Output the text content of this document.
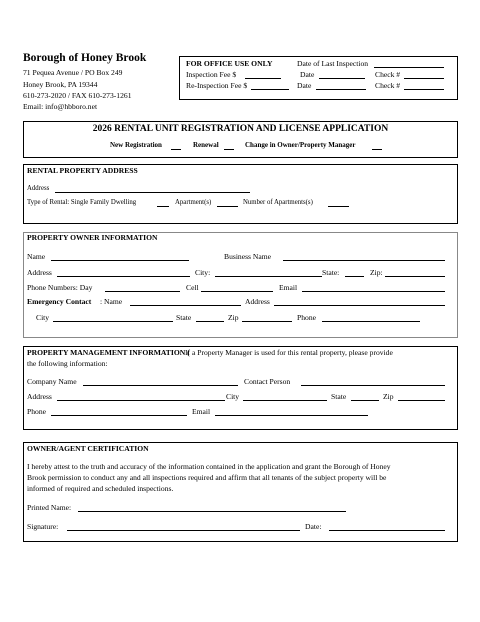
Borough of Honey Brook
71 Pequea Avenue / PO Box 249
Honey Brook, PA 19344
610-273-2020 / FAX 610-273-1261
Email: info@hbboro.net
FOR OFFICE USE ONLY	Date of Last Inspection
Inspection Fee $	Date	Check #
Re-Inspection Fee $	Date	Check #
2026 RENTAL UNIT REGISTRATION AND LICENSE APPLICATION
New Registration	Renewal	Change in Owner/Property Manager
RENTAL PROPERTY ADDRESS
Address
Type of Rental: Single Family Dwelling	Apartment(s)	Number of Apartments(s)
PROPERTY OWNER INFORMATION
Name	Business Name
Address	City:	State:	Zip:
Phone Numbers: Day	Cell	Email
Emergency Contact : Name	Address
City	State	Zip	Phone
PROPERTY MANAGEMENT INFORMATION (
If a Property Manager is used for this rental property, please provide
the following information:
Company Name	Contact Person
Address	City	State	Zip
Phone	Email
OWNER/AGENT CERTIFICATION
I hereby attest to the truth and accuracy of the information contained in the application and grant the Borough of Honey
Brook permission to conduct any and all inspections required and affirm that all tenants of the subject property will be
informed of required and scheduled inspections.
Printed Name:
Signature:	Date:
